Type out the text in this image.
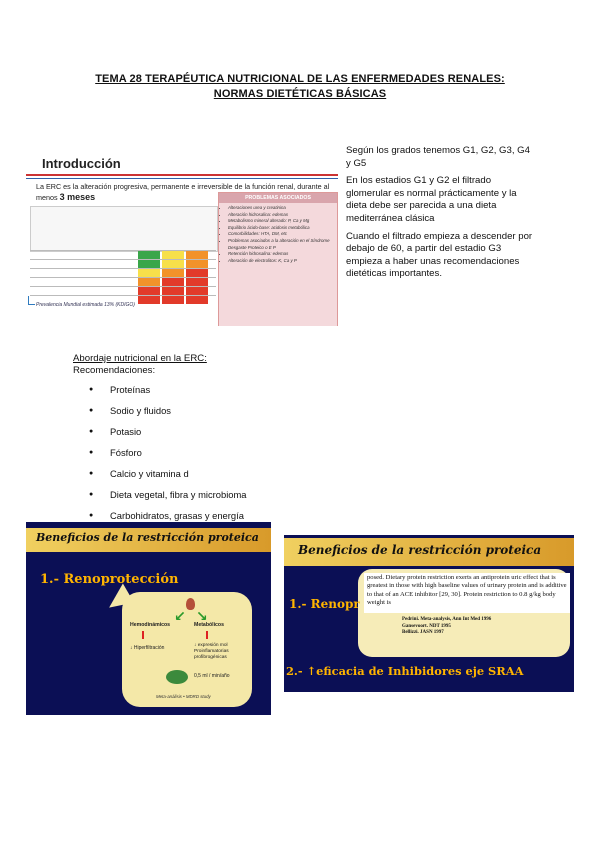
TEMA 28 TERAPÉUTICA NUTRICIONAL DE LAS ENFERMEDADES RENALES:
NORMAS DIETÉTICAS BÁSICAS
Introducción
La ERC es la alteración progresiva, permanente e irreversible de la función renal, durante al menos 3 meses	PROBLEMAS ASOCIADOS
• Alteraciones urea y creatinina
• Alteración hidrosalina: edemas
• Metabolismo mineral alterado: P, Ca y Mg
• Equilibrio ácido-base: acidosis metabólica
• Comorbilidades: HTA, DM, etc
• Problemas asociados a la alteración en el Síndrome Desgaste Proteico o E P
• Retención hidrosalina: edemas
• Alteración de electrolitos: K, Ca y P
Prevalencia Mundial estimada 13% (KDIGO)

Según los grados tenemos G1, G2, G3, G4 y G5

En los estadios G1 y G2 el filtrado glomerular es normal prácticamente y la dieta debe ser parecida a una dieta mediterránea clásica

Cuando el filtrado empieza a descender por debajo de 60, a partir del estadio G3 empieza a haber unas recomendaciones dietéticas importantes.

Abordaje nutricional en la ERC:
Recomendaciones:
● Proteínas
● Sodio y fluidos
● Potasio
● Fósforo
● Calcio y vitamina d
● Dieta vegetal, fibra y microbioma
● Carbohidratos, grasas y energía
Beneficios de la restricción proteica
1.- Renoprotección
↙ ↘
Hemodinámicos	Metabólicos
↓ Hiperfiltración	↓ expresión mol Proinflamatorias profibrogénicas
0,5 ml / min/año
Meta-análisis • MDRD study
Beneficios de la restricción proteica
posed. Dietary protein restriction exerts an antiprotein uric effect that is greatest in those with high baseline values of urinary protein and is additive to that of an ACE inhibitor [29, 30]. Protein restriction to 0.8 g/kg body weight is
Pedrini. Meta-analysis, Ann Int Med 1996
Gansevoort. NDT 1995
Bellizzi. JASN 1997
1.- Renopr
2.- ↑eficacia de Inhibidores eje SRAA
